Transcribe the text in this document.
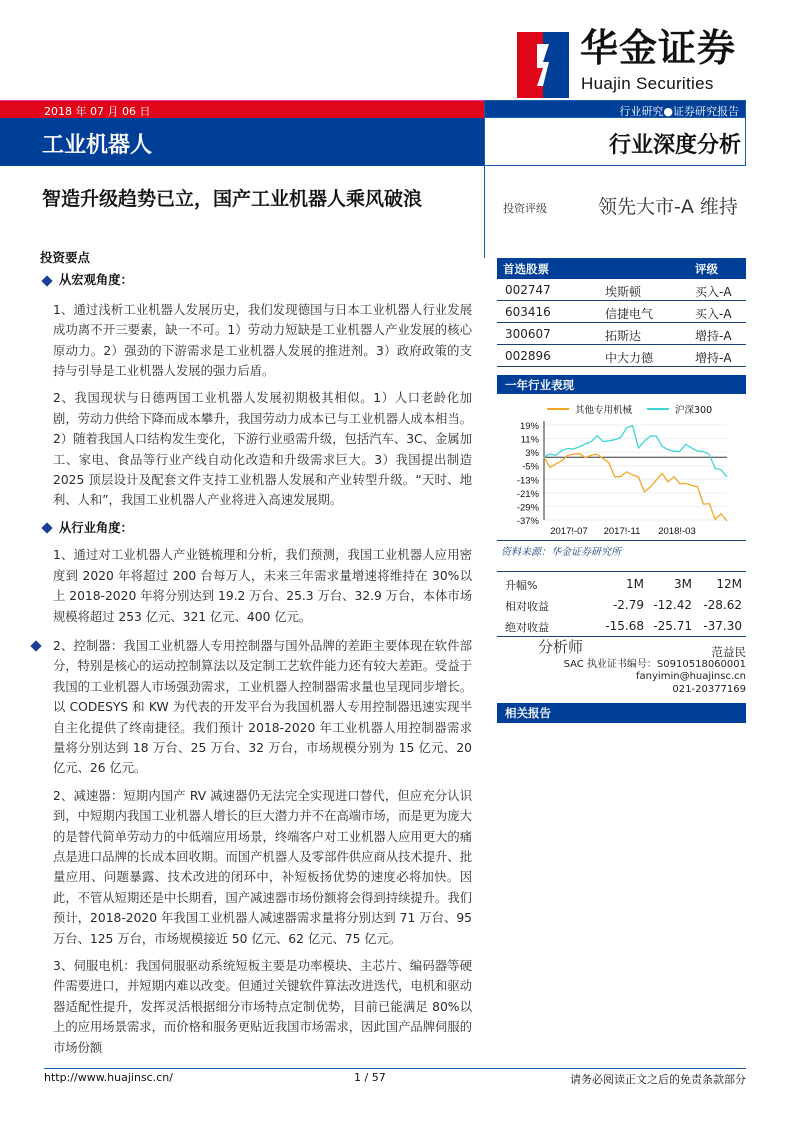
华金证券
Huajin Securities
2018 年 07 月 06 日	行业研究●证券研究报告
工业机器人	行业深度分析
智造升级趋势已立，国产工业机器人乘风破浪	投资评级	领先大市-A 维持
投资要点
从宏观角度：
1、通过浅析工业机器人发展历史，我们发现德国与日本工业机器人行业发展成功离不开三要素，缺一不可。1）劳动力短缺是工业机器人产业发展的核心原动力。2）强劲的下游需求是工业机器人发展的推进剂。3）政府政策的支持与引导是工业机器人发展的强力后盾。
2、我国现状与日德两国工业机器人发展初期极其相似。1）人口老龄化加剧，劳动力供给下降而成本攀升，我国劳动力成本已与工业机器人成本相当。2）随着我国人口结构发生变化，下游行业亟需升级，包括汽车、3C、金属加工、家电、食品等行业产线自动化改造和升级需求巨大。3）我国提出制造 2025 顶层设计及配套文件支持工业机器人发展和产业转型升级。“天时、地利、人和”，我国工业机器人产业将进入高速发展期。
从行业角度：
1、通过对工业机器人产业链梳理和分析，我们预测，我国工业机器人应用密度到 2020 年将超过 200 台每万人，未来三年需求量增速将维持在 30%以上 2018-2020 年将分别达到 19.2 万台、25.3 万台、32.9 万台，本体市场规模将超过 253 亿元、321 亿元、400 亿元。
2、控制器：我国工业机器人专用控制器与国外品牌的差距主要体现在软件部分，特别是核心的运动控制算法以及定制工艺软件能力还有较大差距。受益于我国的工业机器人市场强劲需求，工业机器人控制器需求量也呈现同步增长。以 CODESYS 和 KW 为代表的开发平台为我国机器人专用控制器迅速实现半自主化提供了终南捷径。我们预计 2018-2020 年工业机器人用控制器需求量将分别达到 18 万台、25 万台、32 万台，市场规模分别为 15 亿元、20 亿元、26 亿元。
2、减速器：短期内国产 RV 减速器仍无法完全实现进口替代，但应充分认识到，中短期内我国工业机器人增长的巨大潜力并不在高端市场，而是更为庞大的是替代简单劳动力的中低端应用场景，终端客户对工业机器人应用更大的痛点是进口品牌的长成本回收期。而国产机器人及零部件供应商从技术提升、批量应用、问题暴露、技术改进的闭环中，补短板扬优势的速度必将加快。因此，不管从短期还是中长期看，国产减速器市场份额将会得到持续提升。我们预计，2018-2020 年我国工业机器人减速器需求量将分别达到 71 万台、95 万台、125 万台，市场规模接近 50 亿元、62 亿元、75 亿元。
3、伺服电机：我国伺服驱动系统短板主要是功率模块、主芯片、编码器等硬件需要进口，并短期内难以改变。但通过关键软件算法改进迭代，电机和驱动器适配性提升，发挥灵活根据细分市场特点定制优势，目前已能满足 80%以上的应用场景需求，而价格和服务更贴近我国市场需求，因此国产品牌伺服的市场份额
首选股票	评级
002747	埃斯顿	买入-A
603416	信捷电气	买入-A
300607	拓斯达	增持-A
002896	中大力德	增持-A
一年行业表现
19%
11%
3%
-5%
-13%
-21%
-29%
-37%
2017!-07 2017!-11 2018!-03
其他专用机械	沪深300
资料来源：华金证券研究所
升幅%	1M	3M 12M
相对收益	-2.79 -12.42 -28.62
绝对收益	-15.68 -25.71 -37.30
分析师	范益民
SAC 执业证书编号：S0910518060001
fanyimin@huajinsc.cn
021-20377169
相关报告
http://www.huajinsc.cn/	1 / 57	请务必阅读正文之后的免责条款部分
